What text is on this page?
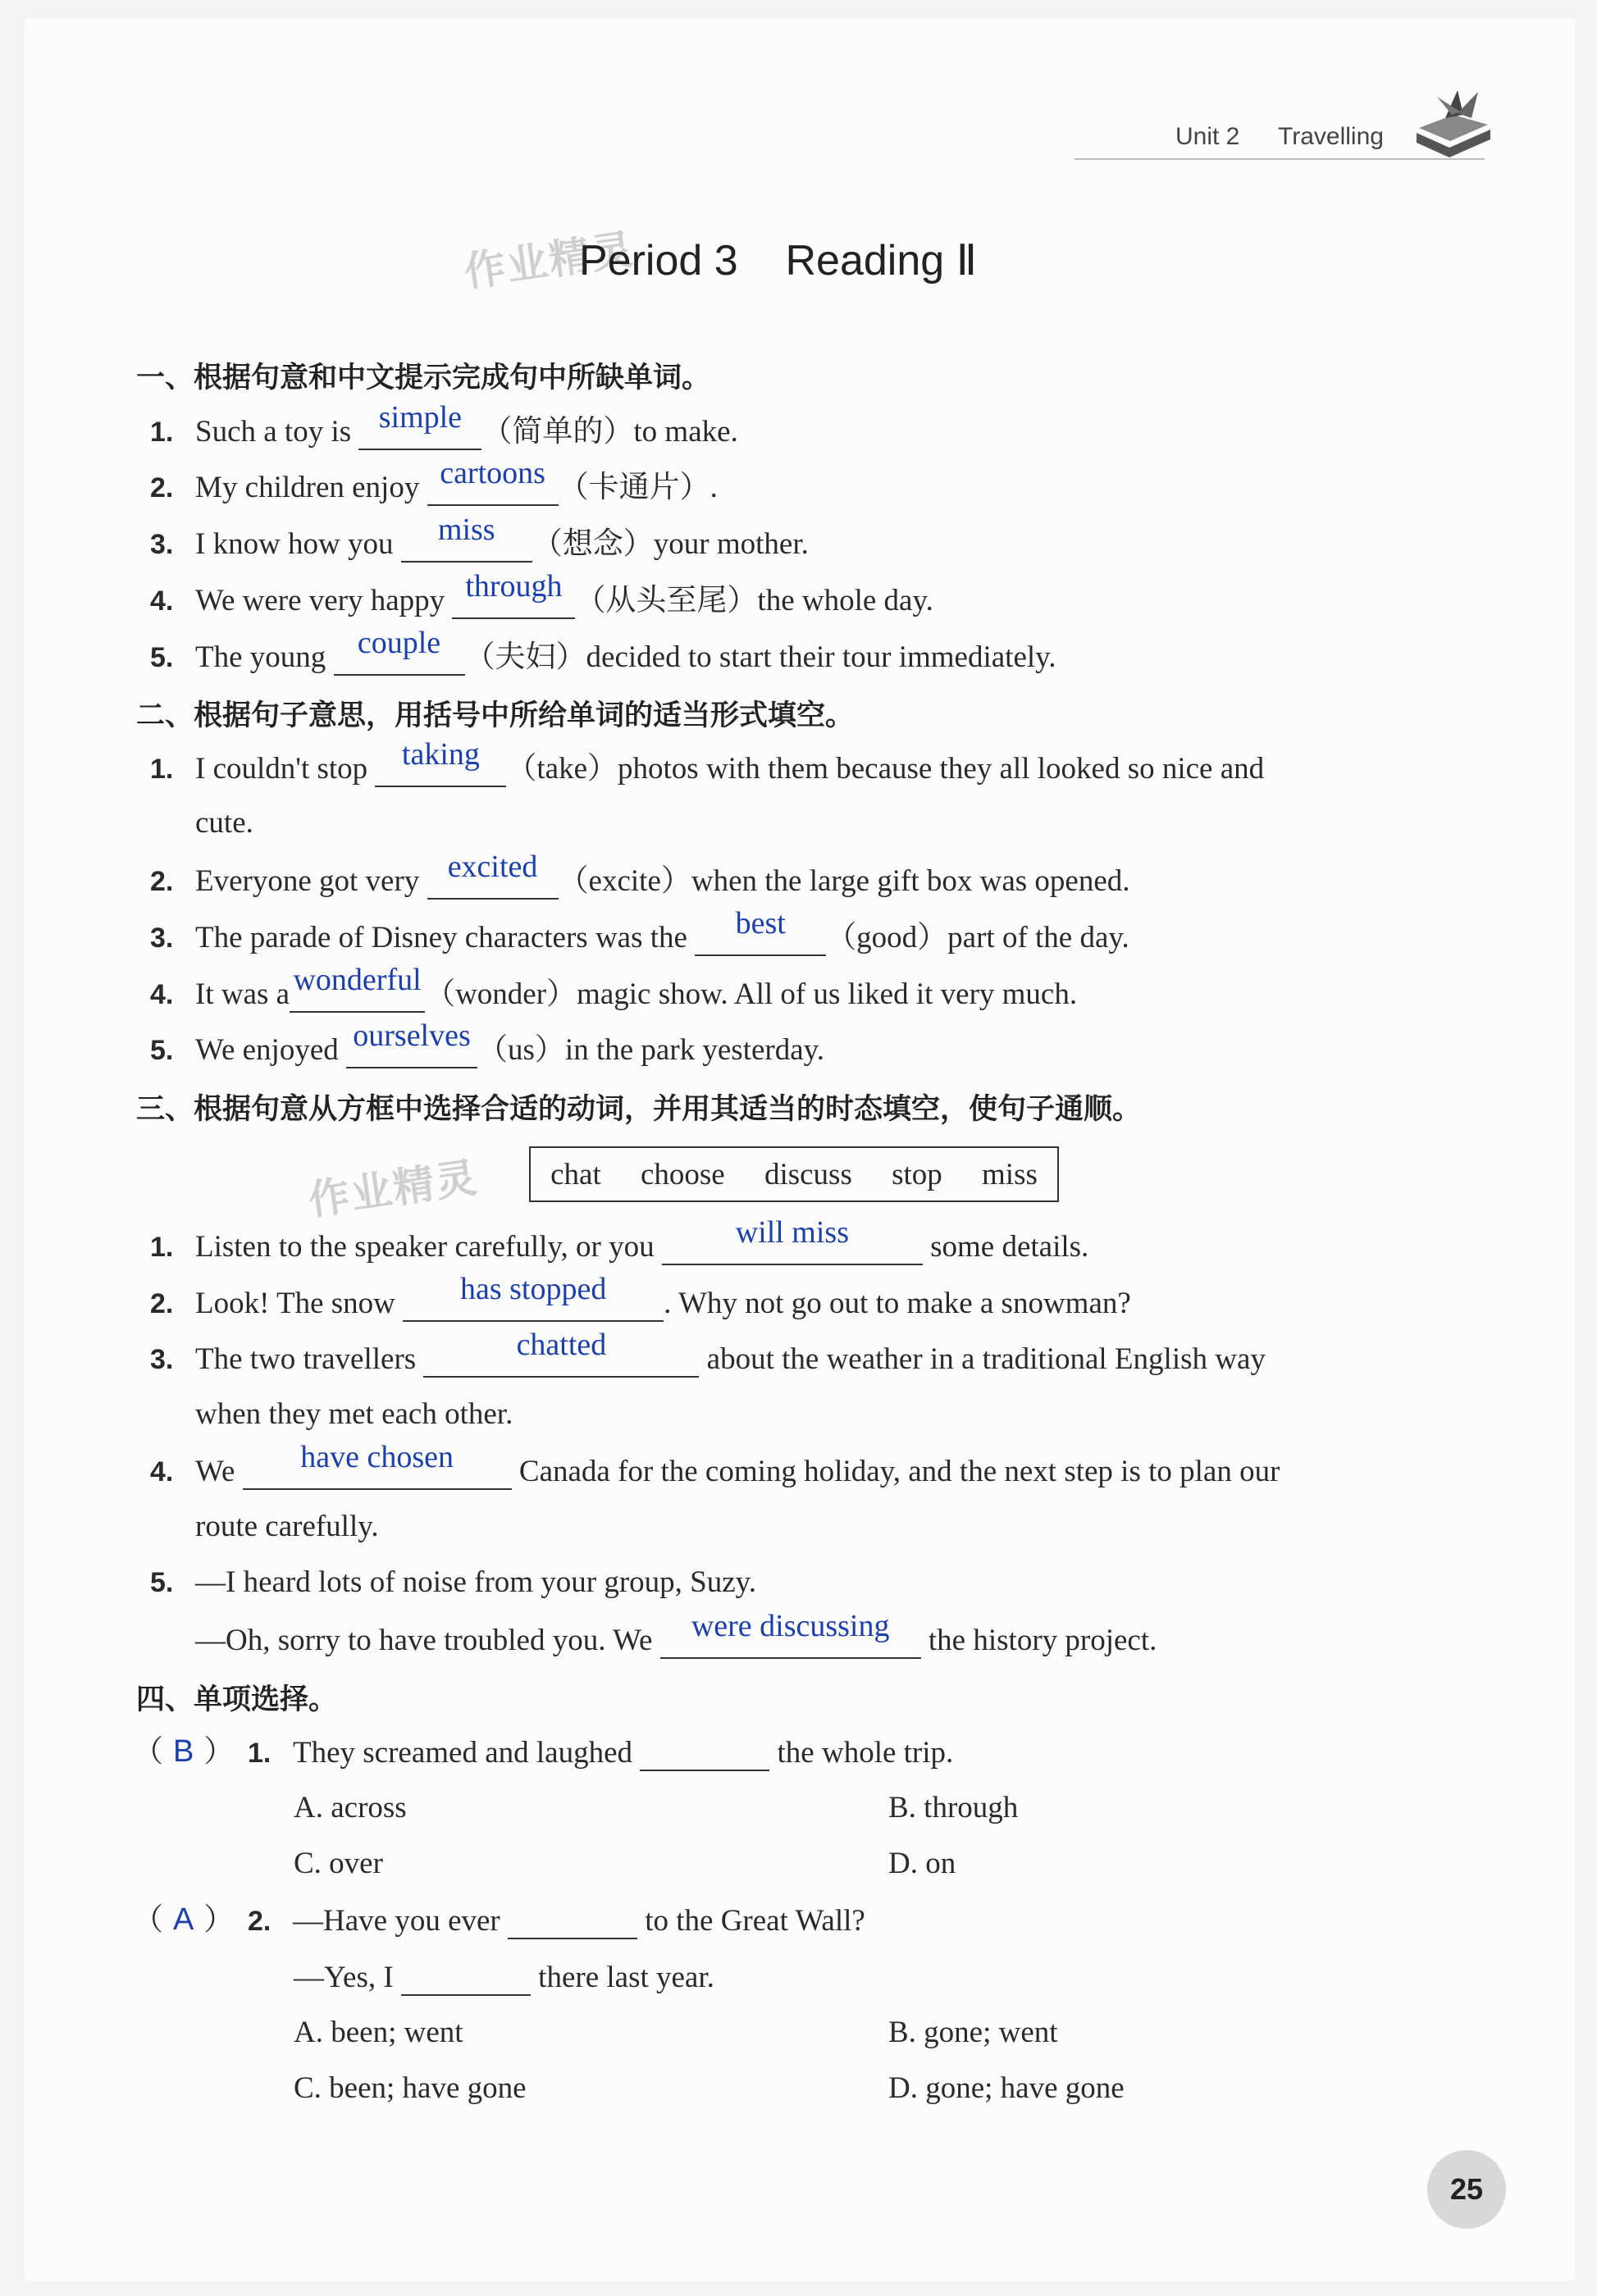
Unit 2 Travelling
作业精灵
Period 3    Reading Ⅱ
一、根据句意和中文提示完成句中所缺单词。
1. Such a toy is simple （简单的）to make.
2. My children enjoy cartoons （卡通片）.
3. I know how you miss （想念）your mother.
4. We were very happy through （从头至尾）the whole day.
5. The young couple （夫妇）decided to start their tour immediately.
二、根据句子意思，用括号中所给单词的适当形式填空。
1. I couldn't stop taking （take）photos with them because they all looked so nice and
cute.
2. Everyone got very excited （excite）when the large gift box was opened.
3. The parade of Disney characters was the best （good）part of the day.
4. It was a wonderful （wonder）magic show. All of us liked it very much.
5. We enjoyed ourselves （us）in the park yesterday.
三、根据句意从方框中选择合适的动词，并用其适当的时态填空，使句子通顺。
作业精灵 chat choose discuss stop miss
1. Listen to the speaker carefully, or you	will miss	some details.
2. Look! The snow has stopped . Why not go out to make a snowman?
3. The two travellers	chatted	about the weather in a traditional English way
when they met each other.
4. We have chosen Canada for the coming holiday, and the next step is to plan our
route carefully.
5. —I heard lots of noise from your group, Suzy.
—Oh, sorry to have troubled you. We were discussing the history project.
四、单项选择。
（ B ） 1. They screamed and laughed	the whole trip.
A. across	B. through
C. over	D. on
（ A ） 2. —Have you ever	to the Great Wall?
—Yes, I	there last year.
A. been; went	B. gone; went
C. been; have gone	D. gone; have gone
25
